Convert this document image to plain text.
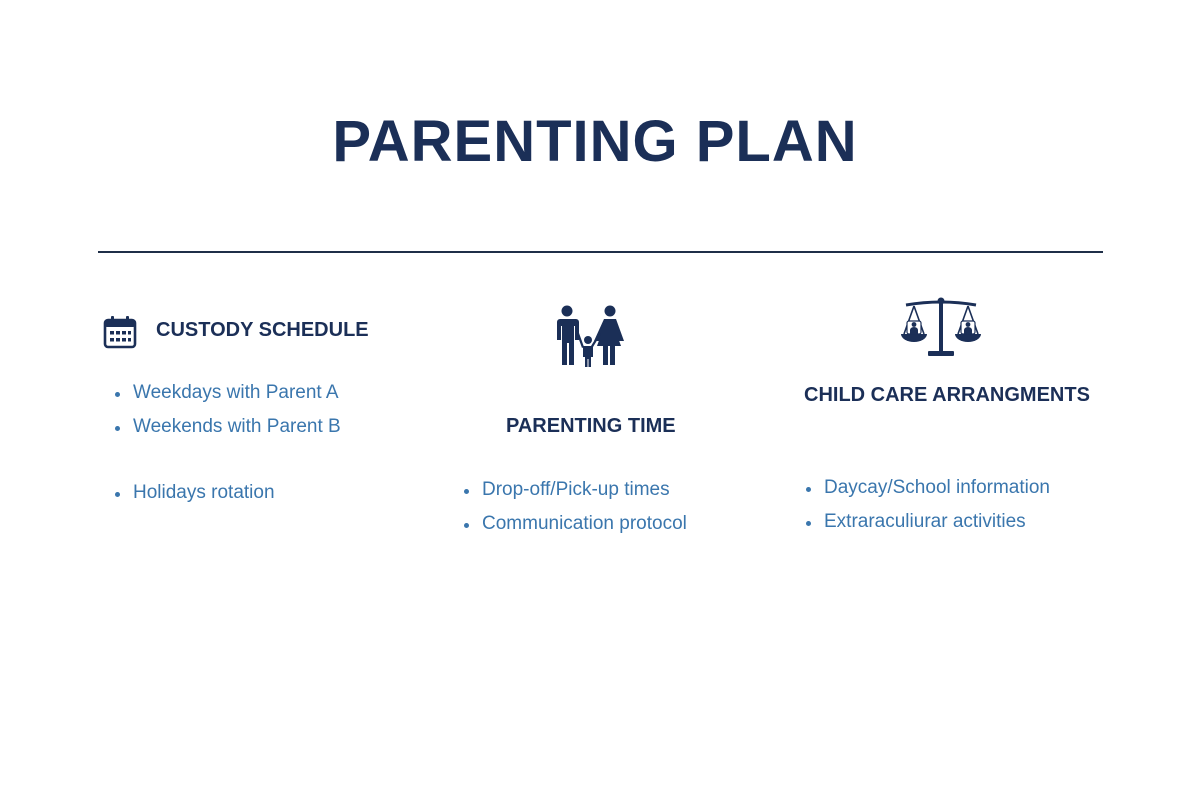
PARENTING PLAN
CUSTODY SCHEDULE
Weekdays with Parent A
Weekends with Parent B
Holidays rotation
PARENTING TIME
Drop-off/Pick-up times
Communication protocol
CHILD CARE ARRANGMENTS
Daycay/School information
Extraraculiurar activities
